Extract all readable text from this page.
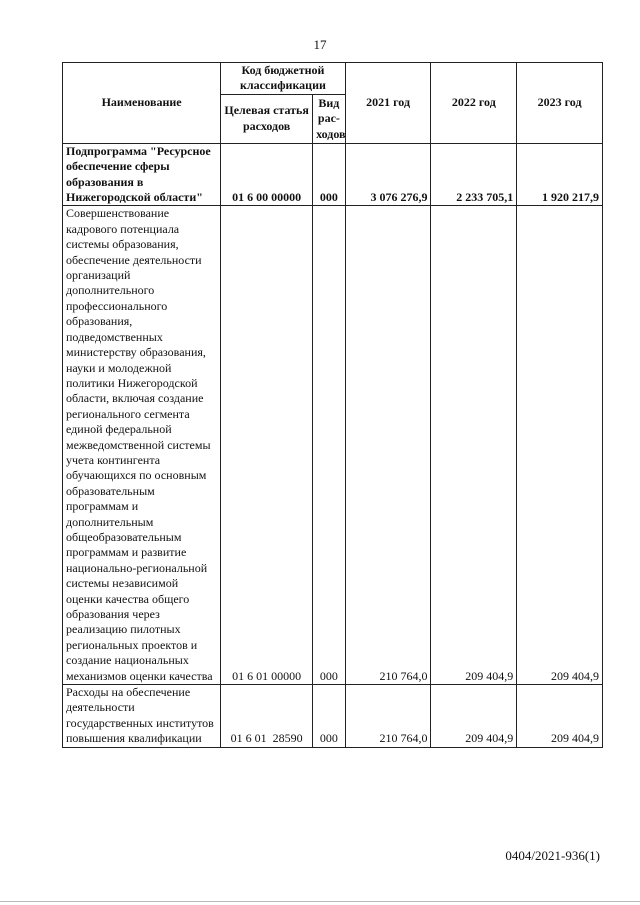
17
Наименование	Код бюджетной классификации		2021 год	2022 год	2023 год
	Целевая статья расходов	Вид рас-ходов			
Подпрограмма "Ресурсное обеспечение сферы образования в Нижегородской области"	01 6 00 00000	000	3 076 276,9	2 233 705,1	1 920 217,9
Совершенствование кадрового потенциала системы образования, обеспечение деятельности организаций дополнительного профессионального образования, подведомственных министерству образования, науки и молодежной политики Нижегородской области, включая создание регионального сегмента единой федеральной межведомственной системы учета контингента обучающихся по основным образовательным программам и дополнительным общеобразовательным программам и развитие национально-региональной системы независимой оценки качества общего образования через реализацию пилотных региональных проектов и создание национальных механизмов оценки качества	01 6 01 00000	000	210 764,0	209 404,9	209 404,9
Расходы на обеспечение деятельности государственных институтов повышения квалификации	01 6 01  28590	000	210 764,0	209 404,9	209 404,9
0404/2021-936(1)
